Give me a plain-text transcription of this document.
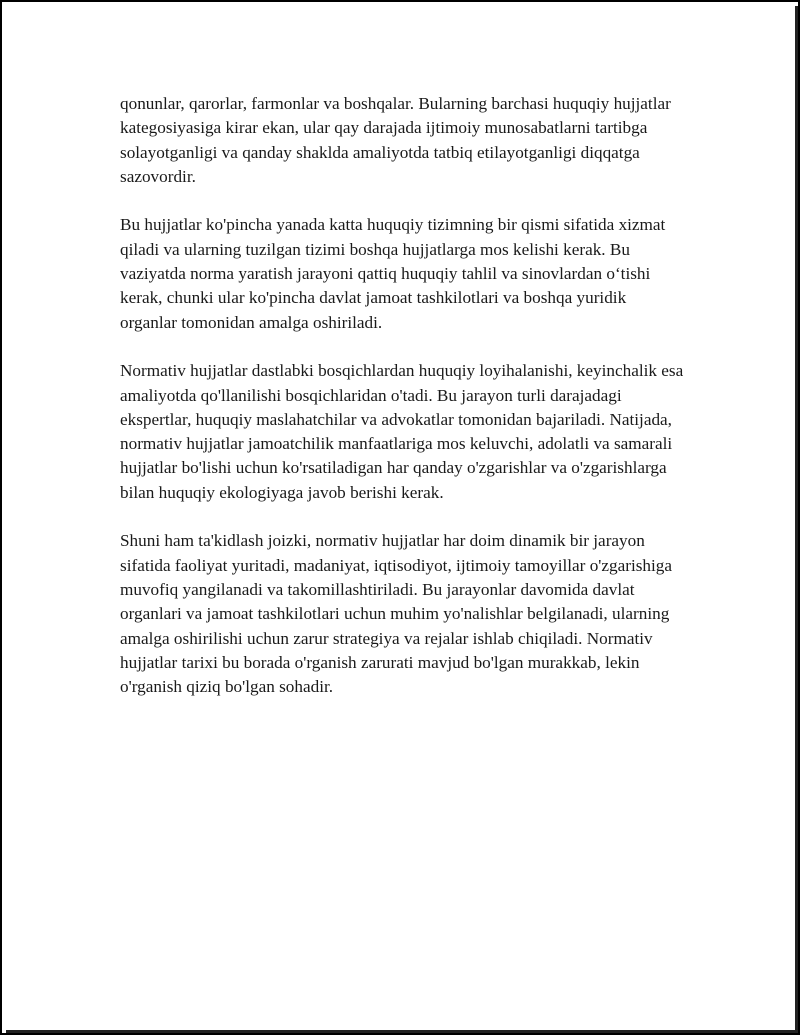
qonunlar, qarorlar, farmonlar va boshqalar. Bularning barchasi huquqiy hujjatlar kategosiyasiga kirar ekan, ular qay darajada ijtimoiy munosabatlarni tartibga solayotganligi va qanday shaklda amaliyotda tatbiq etilayotganligi diqqatga sazovordir.

Bu hujjatlar ko'pincha yanada katta huquqiy tizimning bir qismi sifatida xizmat qiladi va ularning tuzilgan tizimi boshqa hujjatlarga mos kelishi kerak. Bu vaziyatda norma yaratish jarayoni qattiq huquqiy tahlil va sinovlardan o‘tishi kerak, chunki ular ko'pincha davlat jamoat tashkilotlari va boshqa yuridik organlar tomonidan amalga oshiriladi.

Normativ hujjatlar dastlabki bosqichlardan huquqiy loyihalanishi, keyinchalik esa amaliyotda qo'llanilishi bosqichlaridan o'tadi. Bu jarayon turli darajadagi ekspertlar, huquqiy maslahatchilar va advokatlar tomonidan bajariladi. Natijada, normativ hujjatlar jamoatchilik manfaatlariga mos keluvchi, adolatli va samarali hujjatlar bo'lishi uchun ko'rsatiladigan har qanday o'zgarishlar va o'zgarishlarga bilan huquqiy ekologiyaga javob berishi kerak.

Shuni ham ta'kidlash joizki, normativ hujjatlar har doim dinamik bir jarayon sifatida faoliyat yuritadi, madaniyat, iqtisodiyot, ijtimoiy tamoyillar o'zgarishiga muvofiq yangilanadi va takomillashtiriladi. Bu jarayonlar davomida davlat organlari va jamoat tashkilotlari uchun muhim yo'nalishlar belgilanadi, ularning amalga oshirilishi uchun zarur strategiya va rejalar ishlab chiqiladi. Normativ hujjatlar tarixi bu borada o'rganish zarurati mavjud bo'lgan murakkab, lekin o'rganish qiziq bo'lgan sohadir.
